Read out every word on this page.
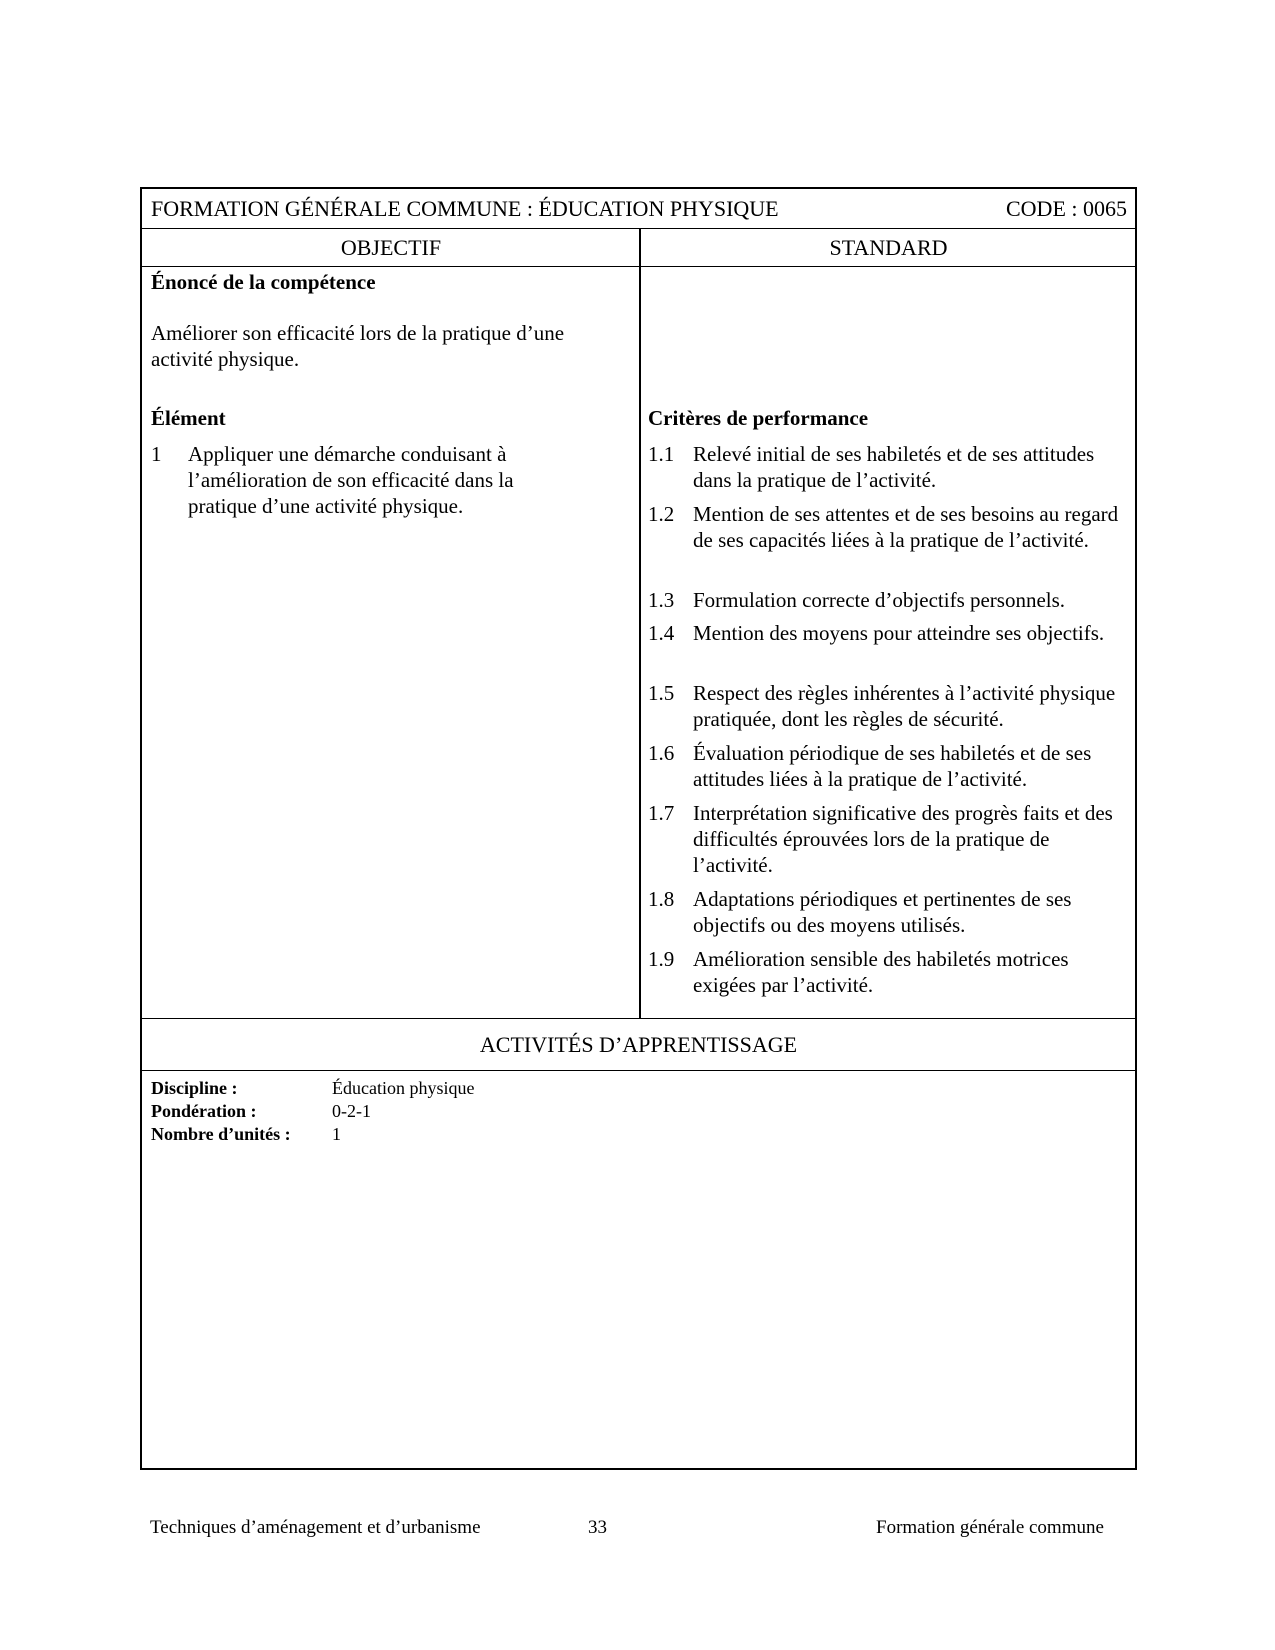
FORMATION GÉNÉRALE COMMUNE : ÉDUCATION PHYSIQUE	CODE : 0065
OBJECTIF	STANDARD
Énoncé de la compétence
Améliorer son efficacité lors de la pratique d’une activité physique.
Élément
1 Appliquer une démarche conduisant à l’amélioration de son efficacité dans la pratique d’une activité physique.
Critères de performance
1.1 Relevé initial de ses habiletés et de ses attitudes dans la pratique de l’activité.
1.2 Mention de ses attentes et de ses besoins au regard de ses capacités liées à la pratique de l’activité.
1.3 Formulation correcte d’objectifs personnels.
1.4 Mention des moyens pour atteindre ses objectifs.
1.5 Respect des règles inhérentes à l’activité physique pratiquée, dont les règles de sécurité.
1.6 Évaluation périodique de ses habiletés et de ses attitudes liées à la pratique de l’activité.
1.7 Interprétation significative des progrès faits et des difficultés éprouvées lors de la pratique de l’activité.
1.8 Adaptations périodiques et pertinentes de ses objectifs ou des moyens utilisés.
1.9 Amélioration sensible des habiletés motrices exigées par l’activité.
ACTIVITÉS D’APPRENTISSAGE
Discipline :	Éducation physique
Pondération :	0-2-1
Nombre d’unités : 1
Techniques d’aménagement et d’urbanisme	33	Formation générale commune
